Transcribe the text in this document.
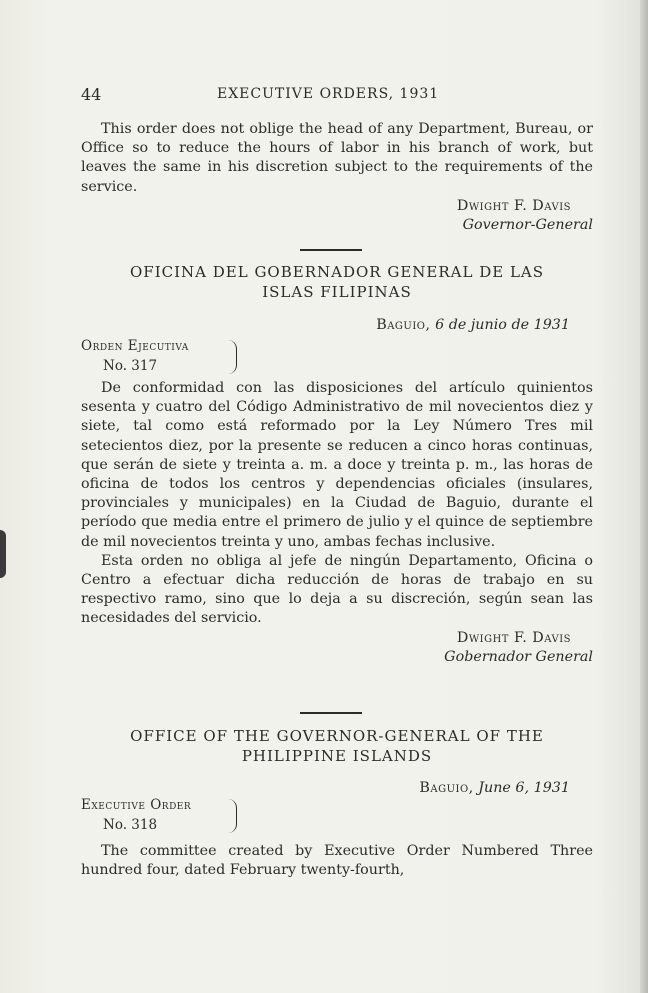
44	EXECUTIVE ORDERS, 1931

This order does not oblige the head of any Department, Bureau, or Office so to reduce the hours of labor in his branch of work, but leaves the same in his discretion subject to the requirements of the service.

Dwight F. Davis

Governor-General

OFICINA DEL GOBERNADOR GENERAL DE LAS
ISLAS FILIPINAS
Baguio, 6 de junio de 1931
Orden Ejecutiva
No. 317

De conformidad con las disposiciones del artículo quinientos sesenta y cuatro del Código Administrativo de mil novecientos diez y siete, tal como está reformado por la Ley Número Tres mil setecientos diez, por la presente se reducen a cinco horas continuas, que serán de siete y treinta a. m. a doce y treinta p. m., las horas de oficina de todos los centros y dependencias oficiales (insulares, provinciales y municipales) en la Ciudad de Baguio, durante el período que media entre el primero de julio y el quince de septiembre de mil novecientos treinta y uno, ambas fechas inclusive.

Esta orden no obliga al jefe de ningún Departamento, Oficina o Centro a efectuar dicha reducción de horas de trabajo en su respectivo ramo, sino que lo deja a su discreción, según sean las necesidades del servicio.

Dwight F. Davis

Gobernador General

OFFICE OF THE GOVERNOR-GENERAL OF THE
PHILIPPINE ISLANDS
Baguio, June 6, 1931
Executive Order
No. 318

The committee created by Executive Order Numbered Three hundred four, dated February twenty-fourth,
